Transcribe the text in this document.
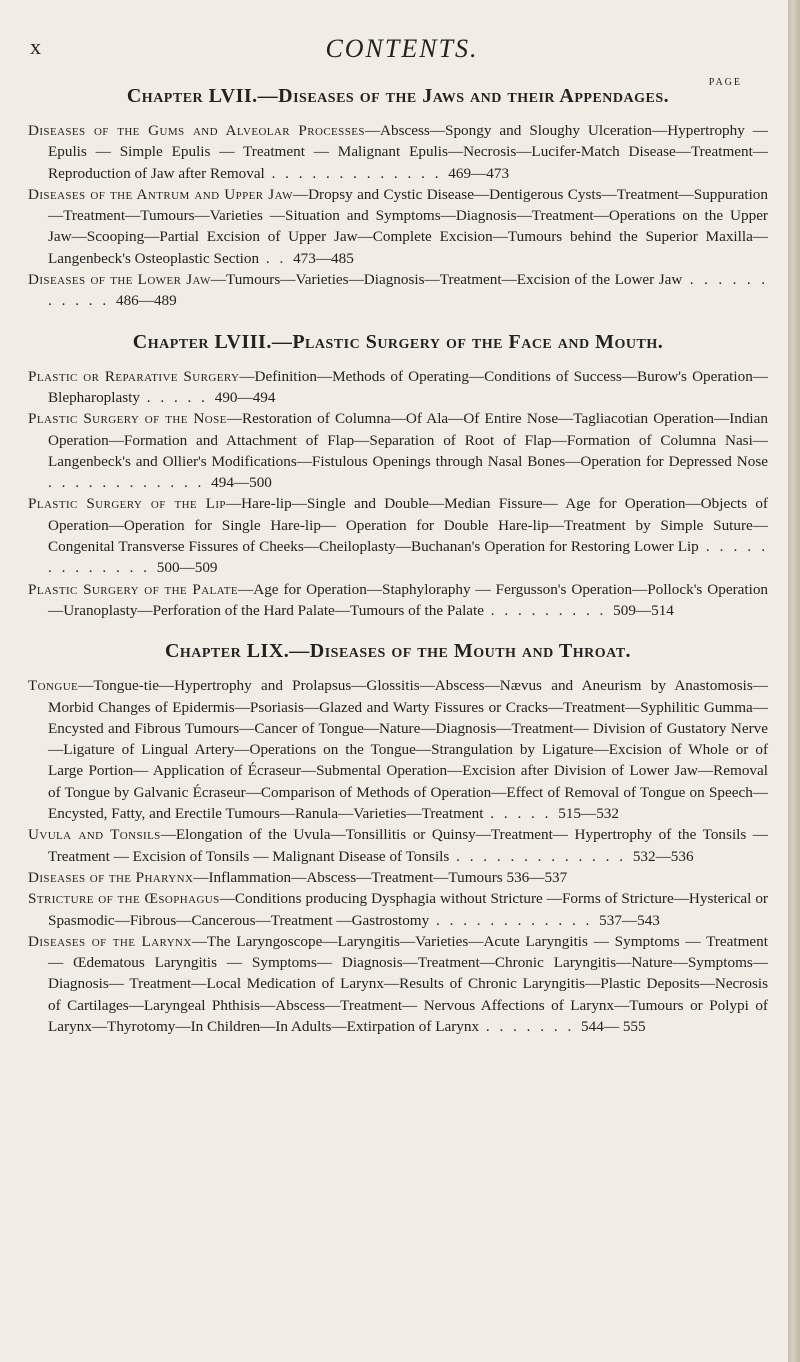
x	CONTENTS.
PAGE
Chapter LVII.—Diseases of the Jaws and their Appendages.

Diseases of the Gums and Alveolar Processes—Abscess—Spongy and Sloughy Ulceration—Hypertrophy — Epulis — Simple Epulis — Treatment — Malignant Epulis—Necrosis—Lucifer-Match Disease—Treatment—Reproduction of Jaw after Removal . . . . . . . . . . . . . 469—473

Diseases of the Antrum and Upper Jaw—Dropsy and Cystic Disease—Dentigerous Cysts—Treatment—Suppuration—Treatment—Tumours—Varieties —Situation and Symptoms—Diagnosis—Treatment—Operations on the Upper Jaw—Scooping—Partial Excision of Upper Jaw—Complete Excision—Tumours behind the Superior Maxilla—Langenbeck's Osteoplastic Section . . 473—485

Diseases of the Lower Jaw—Tumours—Varieties—Diagnosis—Treatment—Excision of the Lower Jaw . . . . . . . . . . . 486—489

Chapter LVIII.—Plastic Surgery of the Face and Mouth.

Plastic or Reparative Surgery—Definition—Methods of Operating—Conditions of Success—Burow's Operation—Blepharoplasty . . . . . 490—494

Plastic Surgery of the Nose—Restoration of Columna—Of Ala—Of Entire Nose—Tagliacotian Operation—Indian Operation—Formation and Attachment of Flap—Separation of Root of Flap—Formation of Columna Nasi—Langenbeck's and Ollier's Modifications—Fistulous Openings through Nasal Bones—Operation for Depressed Nose . . . . . . . . . . . . 494—500

Plastic Surgery of the Lip—Hare-lip—Single and Double—Median Fissure— Age for Operation—Objects of Operation—Operation for Single Hare-lip— Operation for Double Hare-lip—Treatment by Simple Suture—Congenital Transverse Fissures of Cheeks—Cheiloplasty—Buchanan's Operation for Restoring Lower Lip . . . . . . . . . . . . . 500—509

Plastic Surgery of the Palate—Age for Operation—Staphyloraphy — Fergusson's Operation—Pollock's Operation—Uranoplasty—Perforation of the Hard Palate—Tumours of the Palate . . . . . . . . . 509—514

Chapter LIX.—Diseases of the Mouth and Throat.

Tongue—Tongue-tie—Hypertrophy and Prolapsus—Glossitis—Abscess—Nævus and Aneurism by Anastomosis—Morbid Changes of Epidermis—Psoriasis—Glazed and Warty Fissures or Cracks—Treatment—Syphilitic Gumma—Encysted and Fibrous Tumours—Cancer of Tongue—Nature—Diagnosis—Treatment— Division of Gustatory Nerve—Ligature of Lingual Artery—Operations on the Tongue—Strangulation by Ligature—Excision of Whole or of Large Portion— Application of Écraseur—Submental Operation—Excision after Division of Lower Jaw—Removal of Tongue by Galvanic Écraseur—Comparison of Methods of Operation—Effect of Removal of Tongue on Speech—Encysted, Fatty, and Erectile Tumours—Ranula—Varieties—Treatment . . . . . 515—532

Uvula and Tonsils—Elongation of the Uvula—Tonsillitis or Quinsy—Treatment— Hypertrophy of the Tonsils — Treatment — Excision of Tonsils — Malignant Disease of Tonsils . . . . . . . . . . . . . 532—536

Diseases of the Pharynx—Inflammation—Abscess—Treatment—Tumours 536—537

Stricture of the Œsophagus—Conditions producing Dysphagia without Stricture —Forms of Stricture—Hysterical or Spasmodic—Fibrous—Cancerous—Treatment —Gastrostomy . . . . . . . . . . . . 537—543

Diseases of the Larynx—The Laryngoscope—Laryngitis—Varieties—Acute Laryngitis — Symptoms — Treatment — Œdematous Laryngitis — Symptoms— Diagnosis—Treatment—Chronic Laryngitis—Nature—Symptoms—Diagnosis— Treatment—Local Medication of Larynx—Results of Chronic Laryngitis—Plastic Deposits—Necrosis of Cartilages—Laryngeal Phthisis—Abscess—Treatment— Nervous Affections of Larynx—Tumours or Polypi of Larynx—Thyrotomy—In Children—In Adults—Extirpation of Larynx . . . . . . . 544— 555
